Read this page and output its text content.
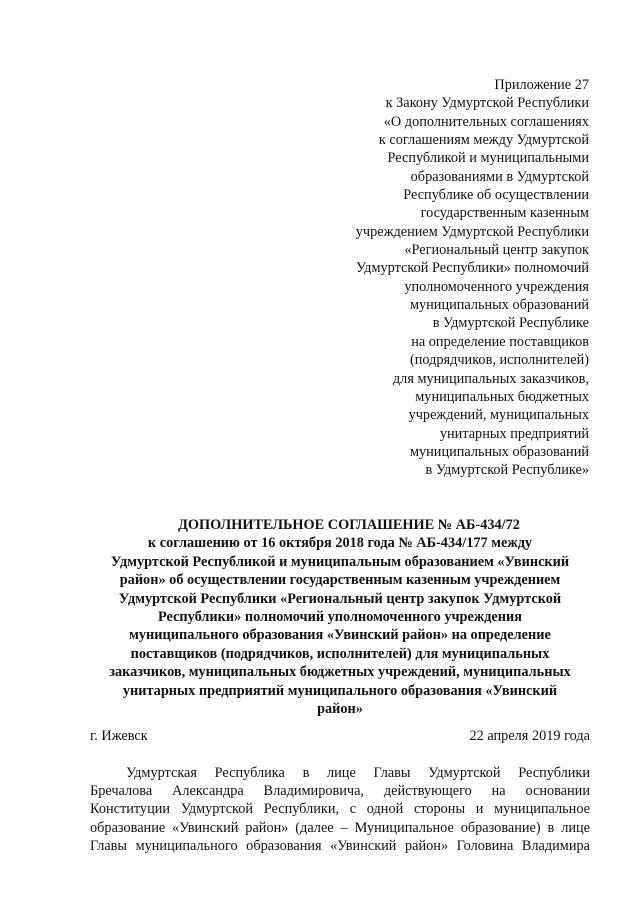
Приложение 27
к Закону Удмуртской Республики
«О дополнительных соглашениях
к соглашениям между Удмуртской
Республикой и муниципальными
образованиями в Удмуртской
Республике об осуществлении
государственным казенным
учреждением Удмуртской Республики
«Региональный центр закупок
Удмуртской Республики» полномочий
уполномоченного учреждения
муниципальных образований
в Удмуртской Республике
на определение поставщиков
(подрядчиков, исполнителей)
для муниципальных заказчиков,
муниципальных бюджетных
учреждений, муниципальных
унитарных предприятий
муниципальных образований
в Удмуртской Республике»
ДОПОЛНИТЕЛЬНОЕ СОГЛАШЕНИЕ № АБ-434/72
к соглашению от 16 октября 2018 года № АБ-434/177 между
Удмуртской Республикой и муниципальным образованием «Увинский
район» об осуществлении государственным казенным учреждением
Удмуртской Республики «Региональный центр закупок Удмуртской
Республики» полномочий уполномоченного учреждения
муниципального образования «Увинский район» на определение
поставщиков (подрядчиков, исполнителей) для муниципальных
заказчиков, муниципальных бюджетных учреждений, муниципальных
унитарных предприятий муниципального образования «Увинский
район»
г. Ижевск	22 апреля 2019 года
Удмуртская Республика в лице Главы Удмуртской Республики
Бречалова Александра Владимировича, действующего на основании
Конституции Удмуртской Республики, с одной стороны и муниципальное
образование «Увинский район» (далее – Муниципальное образование) в лице
Главы муниципального образования «Увинский район» Головина Владимира
